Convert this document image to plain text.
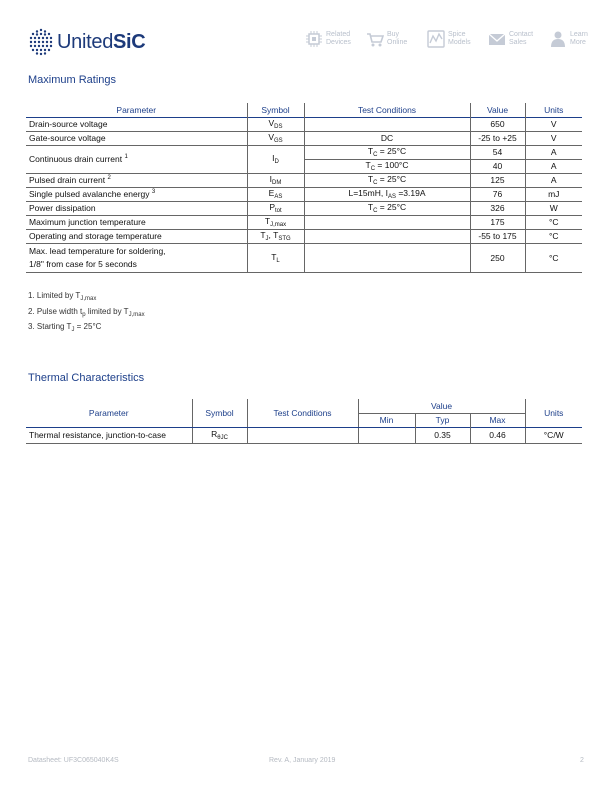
UnitedSiC	Related
Devices
Buy
Online
Spice
Models
Contact
Sales
Learn
More
Maximum Ratings
Parameter	Symbol	Test Conditions	Value	Units
Drain-source voltage	$V_{DS}$		650	V
Gate-source voltage	$V_{GS}$	DC	-25 to +25	V
Continuous drain current $^1$	$I_D$	$T_C = 25^\circ C$	54	A
		$T_C = 100^\circ C$	40	A
Pulsed drain current $^2$	$I_{DM}$	$T_C = 25^\circ C$	125	A
Single pulsed avalanche energy $^3$	$E_{AS}$	L=15mH, $I_{AS} =3.19A$	76	mJ
Power dissipation	$P_{tot}$	$T_C = 25^\circ C$	326	W
Maximum junction temperature	$T_{J,max}$		175	°C
Operating and storage temperature	$T_J$, $T_{STG}$		-55 to 175	°C
Max. lead temperature for soldering,
1/8" from case for 5 seconds	$T_L$		250	°C
1. Limited by $T_{J,max}$
2. Pulse width $t_p$ limited by $T_{J,max}$
3. Starting $T_J = 25^\circ C$
Thermal Characteristics
Parameter	Symbol	Test Conditions	Value			Units
			Min	Typ	Max	
Thermal resistance, junction-to-case	$R_{\theta JC}$			0.35	0.46	°C/W
Datasheet: UF3C065040K4S	Rev. A, January 2019	2
